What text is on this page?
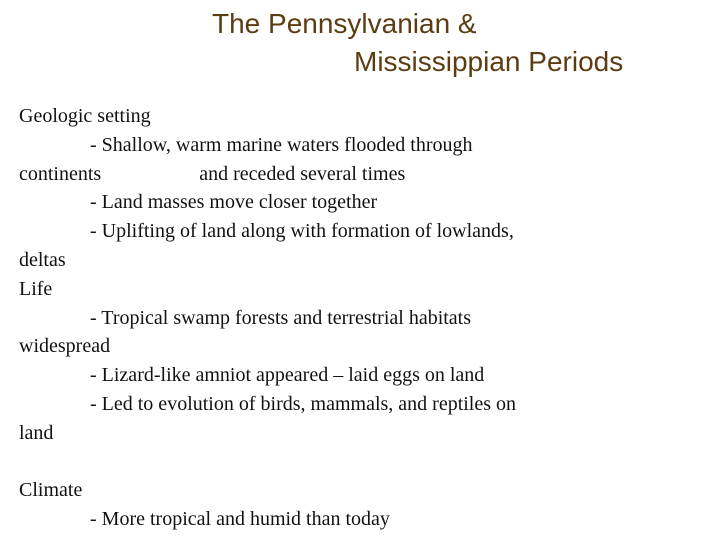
The Pennsylvanian &
Mississippian Periods
Geologic setting
- Shallow, warm marine waters flooded through
continents	and receded several times
- Land masses move closer together
- Uplifting of land along with formation of lowlands,
deltas
Life
- Tropical swamp forests and terrestrial habitats
widespread
- Lizard-like amniot appeared – laid eggs on land
- Led to evolution of birds, mammals, and reptiles on
land
Climate
- More tropical and humid than today
